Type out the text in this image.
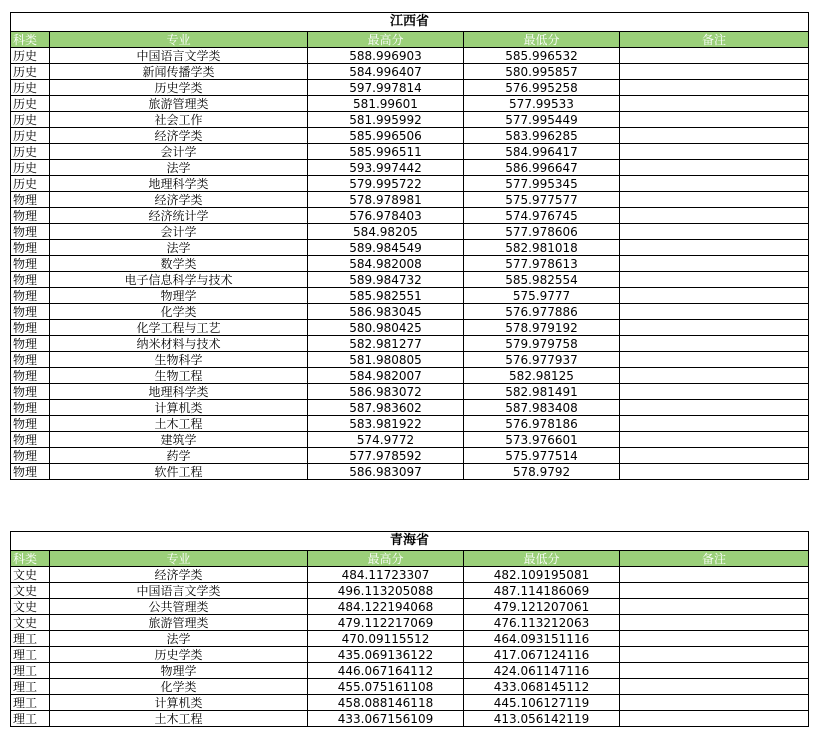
江西省				
科类	专业	最高分	最低分	备注
历史	中国语言文学类	588.996903	585.996532	
历史	新闻传播学类	584.996407	580.995857	
历史	历史学类	597.997814	576.995258	
历史	旅游管理类	581.99601	577.99533	
历史	社会工作	581.995992	577.995449	
历史	经济学类	585.996506	583.996285	
历史	会计学	585.996511	584.996417	
历史	法学	593.997442	586.996647	
历史	地理科学类	579.995722	577.995345	
物理	经济学类	578.978981	575.977577	
物理	经济统计学	576.978403	574.976745	
物理	会计学	584.98205	577.978606	
物理	法学	589.984549	582.981018	
物理	数学类	584.982008	577.978613	
物理	电子信息科学与技术	589.984732	585.982554	
物理	物理学	585.982551	575.9777	
物理	化学类	586.983045	576.977886	
物理	化学工程与工艺	580.980425	578.979192	
物理	纳米材料与技术	582.981277	579.979758	
物理	生物科学	581.980805	576.977937	
物理	生物工程	584.982007	582.98125	
物理	地理科学类	586.983072	582.981491	
物理	计算机类	587.983602	587.983408	
物理	土木工程	583.981922	576.978186	
物理	建筑学	574.9772	573.976601	
物理	药学	577.978592	575.977514	
物理	软件工程	586.983097	578.9792	
青海省				
科类	专业	最高分	最低分	备注
文史	经济学类	484.11723307	482.109195081	
文史	中国语言文学类	496.113205088	487.114186069	
文史	公共管理类	484.122194068	479.121207061	
文史	旅游管理类	479.112217069	476.113212063	
理工	法学	470.09115512	464.093151116	
理工	历史学类	435.069136122	417.067124116	
理工	物理学	446.067164112	424.061147116	
理工	化学类	455.075161108	433.068145112	
理工	计算机类	458.088146118	445.106127119	
理工	土木工程	433.067156109	413.056142119	
